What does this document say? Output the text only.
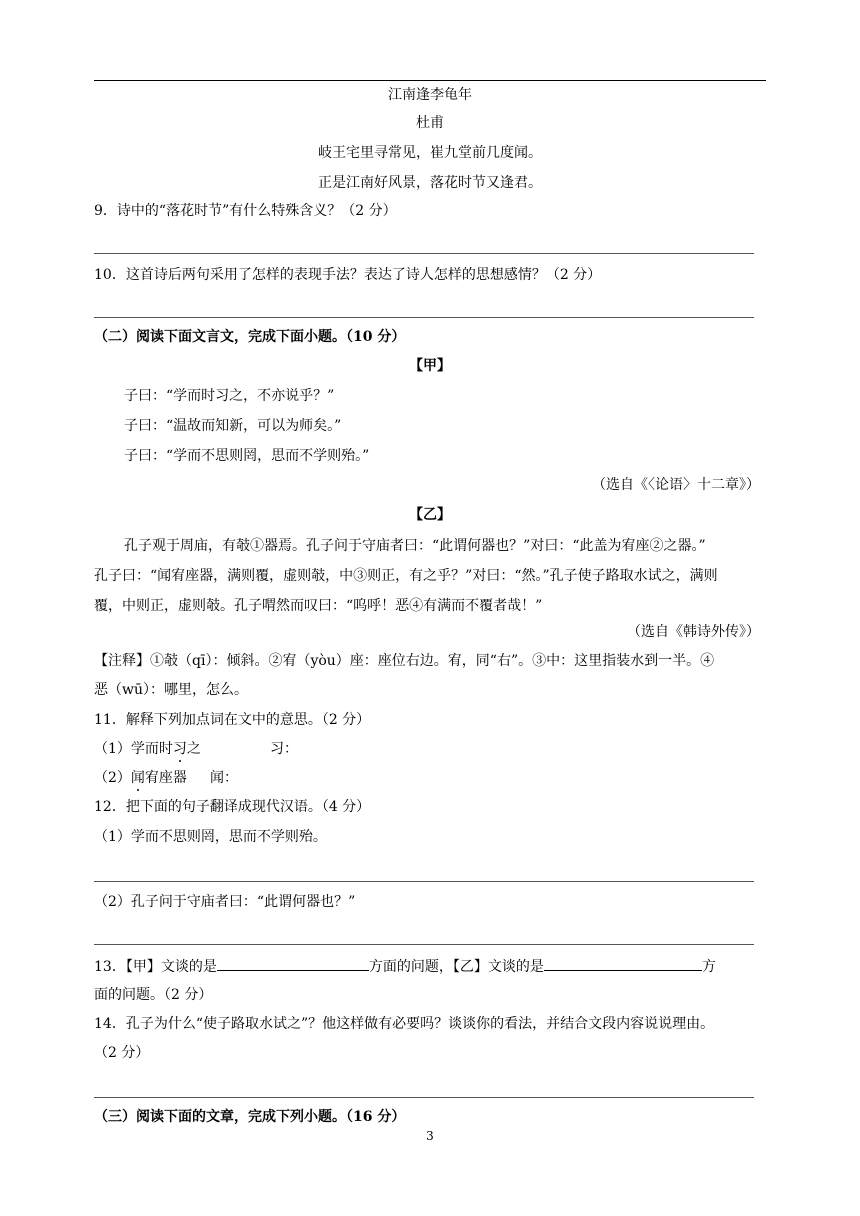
江南逢李龟年
杜甫
岐王宅里寻常见，崔九堂前几度闻。
正是江南好风景，落花时节又逢君。
9．诗中的“落花时节”有什么特殊含义？（2 分）
10．这首诗后两句采用了怎样的表现手法？表达了诗人怎样的思想感情？（2 分）
（二）阅读下面文言文，完成下面小题。（10 分）
【甲】
子曰：“学而时习之，不亦说乎？”
子曰：“温故而知新，可以为师矣。”
子曰：“学而不思则罔，思而不学则殆。”
（选自《〈论语〉十二章》）
【乙】
孔子观于周庙，有攲①器焉。孔子问于守庙者曰：“此谓何器也？”对曰：“此盖为宥座②之器。”
孔子曰：“闻宥座器，满则覆，虚则攲，中③则正，有之乎？”对曰：“然。”孔子使子路取水试之，满则
覆，中则正，虚则攲。孔子喟然而叹曰：“呜呼！恶④有满而不覆者哉！”
（选自《韩诗外传》）
【注释】①攲（qī）：倾斜。②宥（yòu）座：座位右边。宥，同“右”。③中：这里指装水到一半。④
恶（wū）：哪里，怎么。
11．解释下列加点词在文中的意思。（2 分）
（1）学而时习之	习：
（2）闻宥座器 闻：
12．把下面的句子翻译成现代汉语。（4 分）
（1）学而不思则罔，思而不学则殆。
（2）孔子问于守庙者曰：“此谓何器也？”
13．【甲】文谈的是	方面的问题，【乙】文谈的是	方
面的问题。（2 分）
14．孔子为什么“使子路取水试之”？他这样做有必要吗？谈谈你的看法，并结合文段内容说说理由。
（2 分）
（三）阅读下面的文章，完成下列小题。（16 分）
3
